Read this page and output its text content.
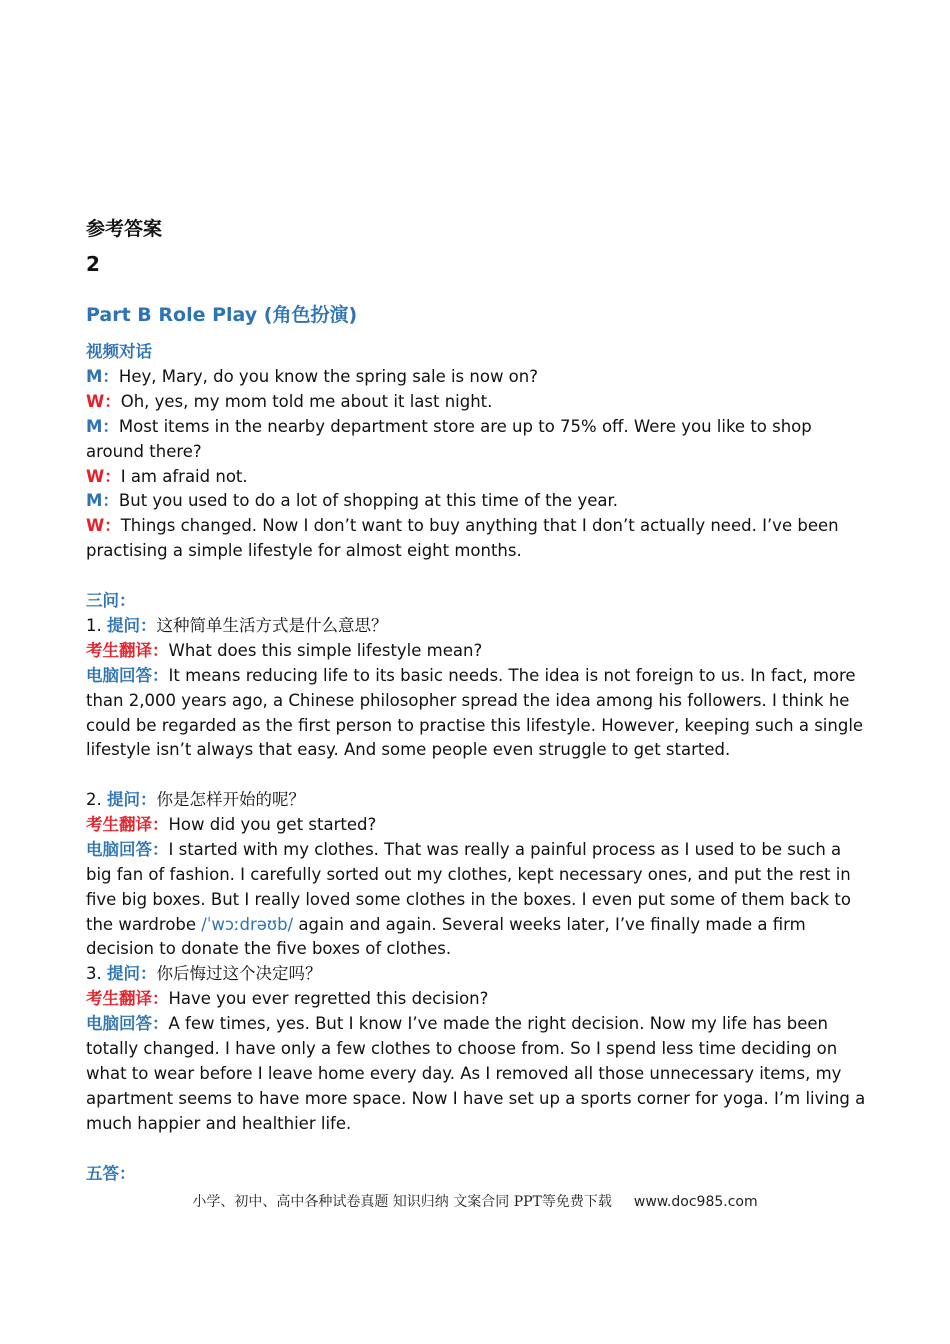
参考答案
2
Part B Role Play (角色扮演)
视频对话
M：Hey, Mary, do you know the spring sale is now on?
W：Oh, yes, my mom told me about it last night.
M：Most items in the nearby department store are up to 75% off. Were you like to shop around there?
W：I am afraid not.
M：But you used to do a lot of shopping at this time of the year.
W：Things changed. Now I don’t want to buy anything that I don’t actually need. I’ve been practising a simple lifestyle for almost eight months.
三问：
1. 提问：这种简单生活方式是什么意思？
考生翻译：What does this simple lifestyle mean?
电脑回答：It means reducing life to its basic needs. The idea is not foreign to us. In fact, more than 2,000 years ago, a Chinese philosopher spread the idea among his followers. I think he could be regarded as the first person to practise this lifestyle. However, keeping such a single lifestyle isn’t always that easy. And some people even struggle to get started.
2. 提问：你是怎样开始的呢？
考生翻译：How did you get started?
电脑回答：I started with my clothes. That was really a painful process as I used to be such a big fan of fashion. I carefully sorted out my clothes, kept necessary ones, and put the rest in five big boxes. But I really loved some clothes in the boxes. I even put some of them back to the wardrobe /ˈwɔːdrəʊb/ again and again. Several weeks later, I’ve finally made a firm decision to donate the five boxes of clothes.
3. 提问：你后悔过这个决定吗？
考生翻译：Have you ever regretted this decision?
电脑回答：A few times, yes. But I know I’ve made the right decision. Now my life has been totally changed. I have only a few clothes to choose from. So I spend less time deciding on what to wear before I leave home every day. As I removed all those unnecessary items, my apartment seems to have more space. Now I have set up a sports corner for yoga. I’m living a much happier and healthier life.
五答：
小学、初中、高中各种试卷真题 知识归纳 文案合同 PPT等免费下载 www.doc985.com
